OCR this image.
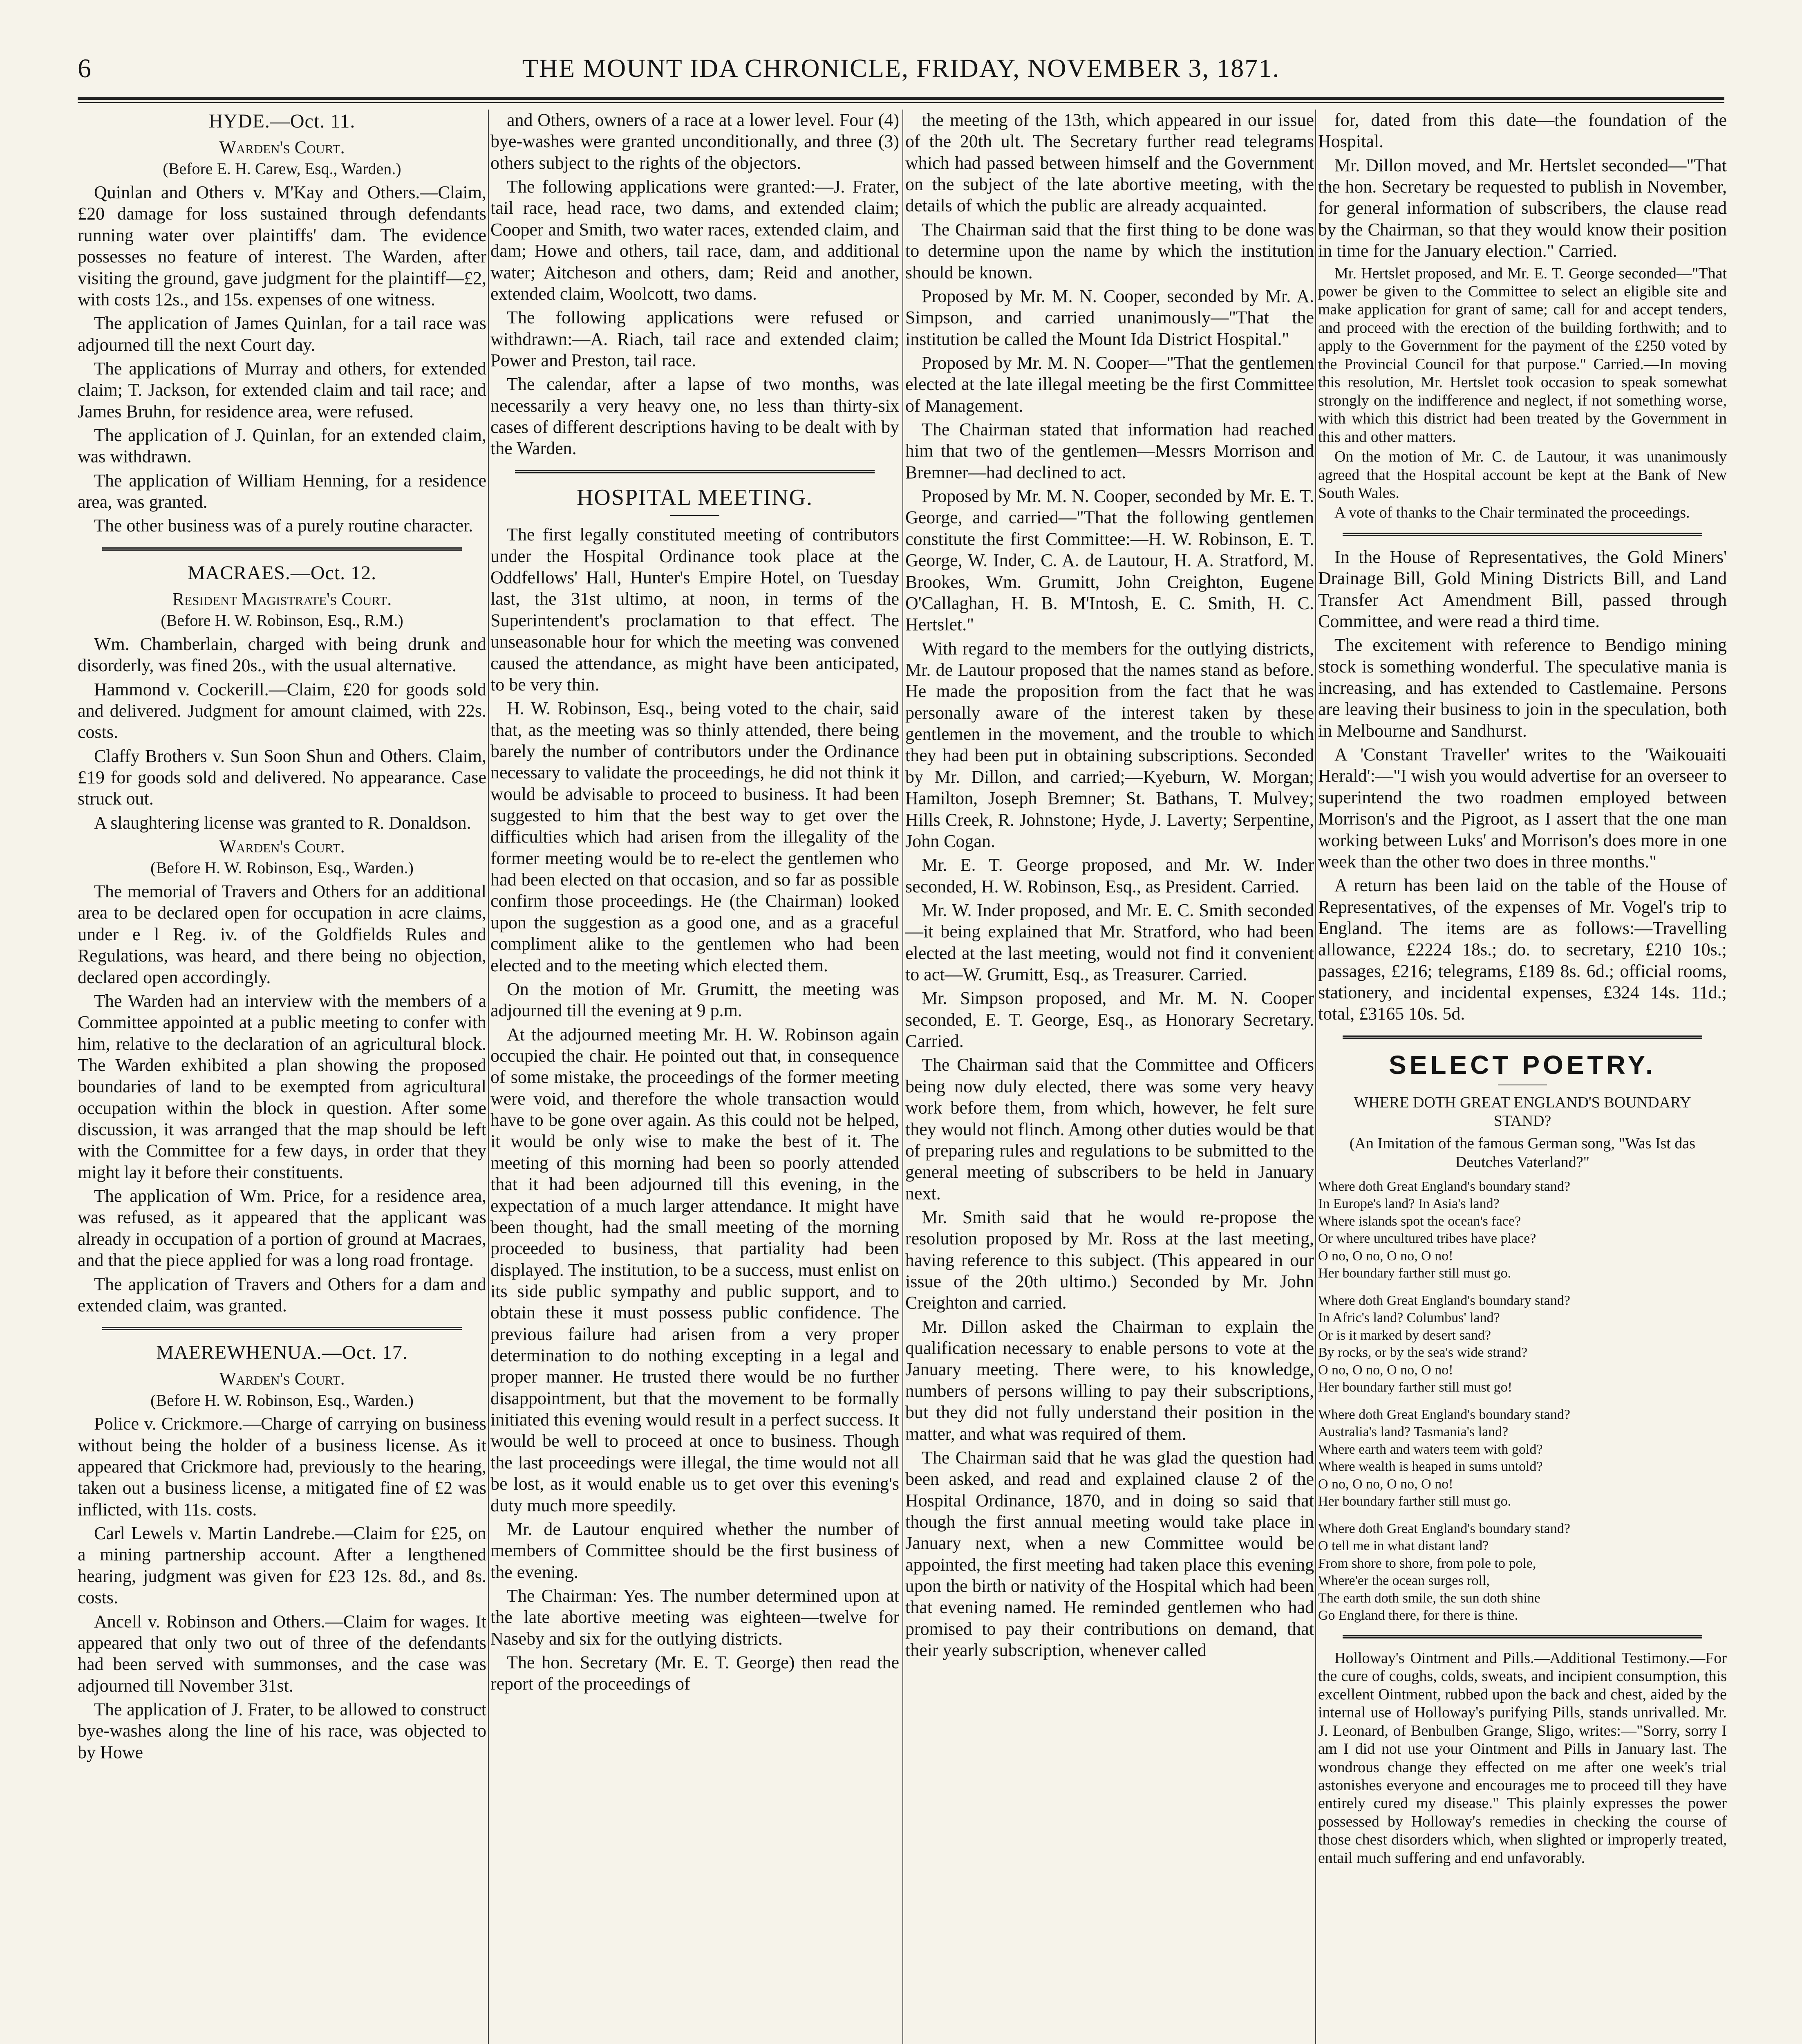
6	THE MOUNT IDA CHRONICLE, FRIDAY, NOVEMBER 3, 1871.
HYDE.—Oct. 11.
Warden's Court.
(Before E. H. Carew, Esq., Warden.)

Quinlan and Others v. M'Kay and Others.—Claim, £20 damage for loss sustained through defendants running water over plaintiffs' dam. The evidence possesses no feature of interest. The Warden, after visiting the ground, gave judgment for the plaintiff—£2, with costs 12s., and 15s. expenses of one witness.

The application of James Quinlan, for a tail race was adjourned till the next Court day.

The applications of Murray and others, for extended claim; T. Jackson, for extended claim and tail race; and James Bruhn, for residence area, were refused.

The application of J. Quinlan, for an extended claim, was withdrawn.

The application of William Henning, for a residence area, was granted.

The other business was of a purely routine character.

MACRAES.—Oct. 12.
Resident Magistrate's Court.
(Before H. W. Robinson, Esq., R.M.)

Wm. Chamberlain, charged with being drunk and disorderly, was fined 20s., with the usual alternative.

Hammond v. Cockerill.—Claim, £20 for goods sold and delivered. Judgment for amount claimed, with 22s. costs.

Claffy Brothers v. Sun Soon Shun and Others. Claim, £19 for goods sold and delivered. No appearance. Case struck out.

A slaughtering license was granted to R. Donaldson.

Warden's Court.
(Before H. W. Robinson, Esq., Warden.)

The memorial of Travers and Others for an additional area to be declared open for occupation in acre claims, under e l Reg. iv. of the Goldfields Rules and Regulations, was heard, and there being no objection, declared open accordingly.

The Warden had an interview with the members of a Committee appointed at a public meeting to confer with him, relative to the declaration of an agricultural block. The Warden exhibited a plan showing the proposed boundaries of land to be exempted from agricultural occupation within the block in question. After some discussion, it was arranged that the map should be left with the Committee for a few days, in order that they might lay it before their constituents.

The application of Wm. Price, for a residence area, was refused, as it appeared that the applicant was already in occupation of a portion of ground at Macraes, and that the piece applied for was a long road frontage.

The application of Travers and Others for a dam and extended claim, was granted.

MAEREWHENUA.—Oct. 17.
Warden's Court.
(Before H. W. Robinson, Esq., Warden.)

Police v. Crickmore.—Charge of carrying on business without being the holder of a business license. As it appeared that Crickmore had, previously to the hearing, taken out a business license, a mitigated fine of £2 was inflicted, with 11s. costs.

Carl Lewels v. Martin Landrebe.—Claim for £25, on a mining partnership account. After a lengthened hearing, judgment was given for £23 12s. 8d., and 8s. costs.

Ancell v. Robinson and Others.—Claim for wages. It appeared that only two out of three of the defendants had been served with summonses, and the case was adjourned till November 31st.

The application of J. Frater, to be allowed to construct bye-washes along the line of his race, was objected to by Howe

and Others, owners of a race at a lower level. Four (4) bye-washes were granted unconditionally, and three (3) others subject to the rights of the objectors.

The following applications were granted:—J. Frater, tail race, head race, two dams, and extended claim; Cooper and Smith, two water races, extended claim, and dam; Howe and others, tail race, dam, and additional water; Aitcheson and others, dam; Reid and another, extended claim, Woolcott, two dams.

The following applications were refused or withdrawn:—A. Riach, tail race and extended claim; Power and Preston, tail race.

The calendar, after a lapse of two months, was necessarily a very heavy one, no less than thirty-six cases of different descriptions having to be dealt with by the Warden.

HOSPITAL MEETING.

The first legally constituted meeting of contributors under the Hospital Ordinance took place at the Oddfellows' Hall, Hunter's Empire Hotel, on Tuesday last, the 31st ultimo, at noon, in terms of the Superintendent's proclamation to that effect. The unseasonable hour for which the meeting was convened caused the attendance, as might have been anticipated, to be very thin.

H. W. Robinson, Esq., being voted to the chair, said that, as the meeting was so thinly attended, there being barely the number of contributors under the Ordinance necessary to validate the proceedings, he did not think it would be advisable to proceed to business. It had been suggested to him that the best way to get over the difficulties which had arisen from the illegality of the former meeting would be to re-elect the gentlemen who had been elected on that occasion, and so far as possible confirm those proceedings. He (the Chairman) looked upon the suggestion as a good one, and as a graceful compliment alike to the gentlemen who had been elected and to the meeting which elected them.

On the motion of Mr. Grumitt, the meeting was adjourned till the evening at 9 p.m.

At the adjourned meeting Mr. H. W. Robinson again occupied the chair. He pointed out that, in consequence of some mistake, the proceedings of the former meeting were void, and therefore the whole transaction would have to be gone over again. As this could not be helped, it would be only wise to make the best of it. The meeting of this morning had been so poorly attended that it had been adjourned till this evening, in the expectation of a much larger attendance. It might have been thought, had the small meeting of the morning proceeded to business, that partiality had been displayed. The institution, to be a success, must enlist on its side public sympathy and public support, and to obtain these it must possess public confidence. The previous failure had arisen from a very proper determination to do nothing excepting in a legal and proper manner. He trusted there would be no further disappointment, but that the movement to be formally initiated this evening would result in a perfect success. It would be well to proceed at once to business. Though the last proceedings were illegal, the time would not all be lost, as it would enable us to get over this evening's duty much more speedily.

Mr. de Lautour enquired whether the number of members of Committee should be the first business of the evening.

The Chairman: Yes. The number determined upon at the late abortive meeting was eighteen—twelve for Naseby and six for the outlying districts.

The hon. Secretary (Mr. E. T. George) then read the report of the proceedings of

the meeting of the 13th, which appeared in our issue of the 20th ult. The Secretary further read telegrams which had passed between himself and the Government on the subject of the late abortive meeting, with the details of which the public are already acquainted.

The Chairman said that the first thing to be done was to determine upon the name by which the institution should be known.

Proposed by Mr. M. N. Cooper, seconded by Mr. A. Simpson, and carried unanimously—"That the institution be called the Mount Ida District Hospital."

Proposed by Mr. M. N. Cooper—"That the gentlemen elected at the late illegal meeting be the first Committee of Management.

The Chairman stated that information had reached him that two of the gentlemen—Messrs Morrison and Bremner—had declined to act.

Proposed by Mr. M. N. Cooper, seconded by Mr. E. T. George, and carried—"That the following gentlemen constitute the first Committee:—H. W. Robinson, E. T. George, W. Inder, C. A. de Lautour, H. A. Stratford, M. Brookes, Wm. Grumitt, John Creighton, Eugene O'Callaghan, H. B. M'Intosh, E. C. Smith, H. C. Hertslet."

With regard to the members for the outlying districts, Mr. de Lautour proposed that the names stand as before. He made the proposition from the fact that he was personally aware of the interest taken by these gentlemen in the movement, and the trouble to which they had been put in obtaining subscriptions. Seconded by Mr. Dillon, and carried;—Kyeburn, W. Morgan; Hamilton, Joseph Bremner; St. Bathans, T. Mulvey; Hills Creek, R. Johnstone; Hyde, J. Laverty; Serpentine, John Cogan.

Mr. E. T. George proposed, and Mr. W. Inder seconded, H. W. Robinson, Esq., as President. Carried.

Mr. W. Inder proposed, and Mr. E. C. Smith seconded—it being explained that Mr. Stratford, who had been elected at the last meeting, would not find it convenient to act—W. Grumitt, Esq., as Treasurer. Carried.

Mr. Simpson proposed, and Mr. M. N. Cooper seconded, E. T. George, Esq., as Honorary Secretary. Carried.

The Chairman said that the Committee and Officers being now duly elected, there was some very heavy work before them, from which, however, he felt sure they would not flinch. Among other duties would be that of preparing rules and regulations to be submitted to the general meeting of subscribers to be held in January next.

Mr. Smith said that he would re-propose the resolution proposed by Mr. Ross at the last meeting, having reference to this subject. (This appeared in our issue of the 20th ultimo.) Seconded by Mr. John Creighton and carried.

Mr. Dillon asked the Chairman to explain the qualification necessary to enable persons to vote at the January meeting. There were, to his knowledge, numbers of persons willing to pay their subscriptions, but they did not fully understand their position in the matter, and what was required of them.

The Chairman said that he was glad the question had been asked, and read and explained clause 2 of the Hospital Ordinance, 1870, and in doing so said that though the first annual meeting would take place in January next, when a new Committee would be appointed, the first meeting had taken place this evening upon the birth or nativity of the Hospital which had been that evening named. He reminded gentlemen who had promised to pay their contributions on demand, that their yearly subscription, whenever called

for, dated from this date—the foundation of the Hospital.

Mr. Dillon moved, and Mr. Hertslet seconded—"That the hon. Secretary be requested to publish in November, for general information of subscribers, the clause read by the Chairman, so that they would know their position in time for the January election." Carried.

Mr. Hertslet proposed, and Mr. E. T. George seconded—"That power be given to the Committee to select an eligible site and make application for grant of same; call for and accept tenders, and proceed with the erection of the building forthwith; and to apply to the Government for the payment of the £250 voted by the Provincial Council for that purpose." Carried.—In moving this resolution, Mr. Hertslet took occasion to speak somewhat strongly on the indifference and neglect, if not something worse, with which this district had been treated by the Government in this and other matters.

On the motion of Mr. C. de Lautour, it was unanimously agreed that the Hospital account be kept at the Bank of New South Wales.

A vote of thanks to the Chair terminated the proceedings.

In the House of Representatives, the Gold Miners' Drainage Bill, Gold Mining Districts Bill, and Land Transfer Act Amendment Bill, passed through Committee, and were read a third time.

The excitement with reference to Bendigo mining stock is something wonderful. The speculative mania is increasing, and has extended to Castlemaine. Persons are leaving their business to join in the speculation, both in Melbourne and Sandhurst.

A 'Constant Traveller' writes to the 'Waikouaiti Herald':—"I wish you would advertise for an overseer to superintend the two roadmen employed between Morrison's and the Pigroot, as I assert that the one man working between Luks' and Morrison's does more in one week than the other two does in three months."

A return has been laid on the table of the House of Representatives, of the expenses of Mr. Vogel's trip to England. The items are as follows:—Travelling allowance, £2224 18s.; do. to secretary, £210 10s.; passages, £216; telegrams, £189 8s. 6d.; official rooms, stationery, and incidental expenses, £324 14s. 11d.; total, £3165 10s. 5d.

SELECT POETRY.
WHERE DOTH GREAT ENGLAND'S BOUNDARY STAND?
(An Imitation of the famous German song, "Was Ist das Deutches Vaterland?"
Where doth Great England's boundary stand?
In Europe's land? In Asia's land?
Where islands spot the ocean's face?
Or where uncultured tribes have place?
O no, O no, O no, O no!
Her boundary farther still must go.
Where doth Great England's boundary stand?
In Afric's land? Columbus' land?
Or is it marked by desert sand?
By rocks, or by the sea's wide strand?
O no, O no, O no, O no!
Her boundary farther still must go!
Where doth Great England's boundary stand?
Australia's land? Tasmania's land?
Where earth and waters teem with gold?
Where wealth is heaped in sums untold?
O no, O no, O no, O no!
Her boundary farther still must go.
Where doth Great England's boundary stand?
O tell me in what distant land?
From shore to shore, from pole to pole,
Where'er the ocean surges roll,
The earth doth smile, the sun doth shine
Go England there, for there is thine.

Holloway's Ointment and Pills.—Additional Testimony.—For the cure of coughs, colds, sweats, and incipient consumption, this excellent Ointment, rubbed upon the back and chest, aided by the internal use of Holloway's purifying Pills, stands unrivalled. Mr. J. Leonard, of Benbulben Grange, Sligo, writes:—"Sorry, sorry I am I did not use your Ointment and Pills in January last. The wondrous change they effected on me after one week's trial astonishes everyone and encourages me to proceed till they have entirely cured my disease." This plainly expresses the power possessed by Holloway's remedies in checking the course of those chest disorders which, when slighted or improperly treated, entail much suffering and end unfavorably.
